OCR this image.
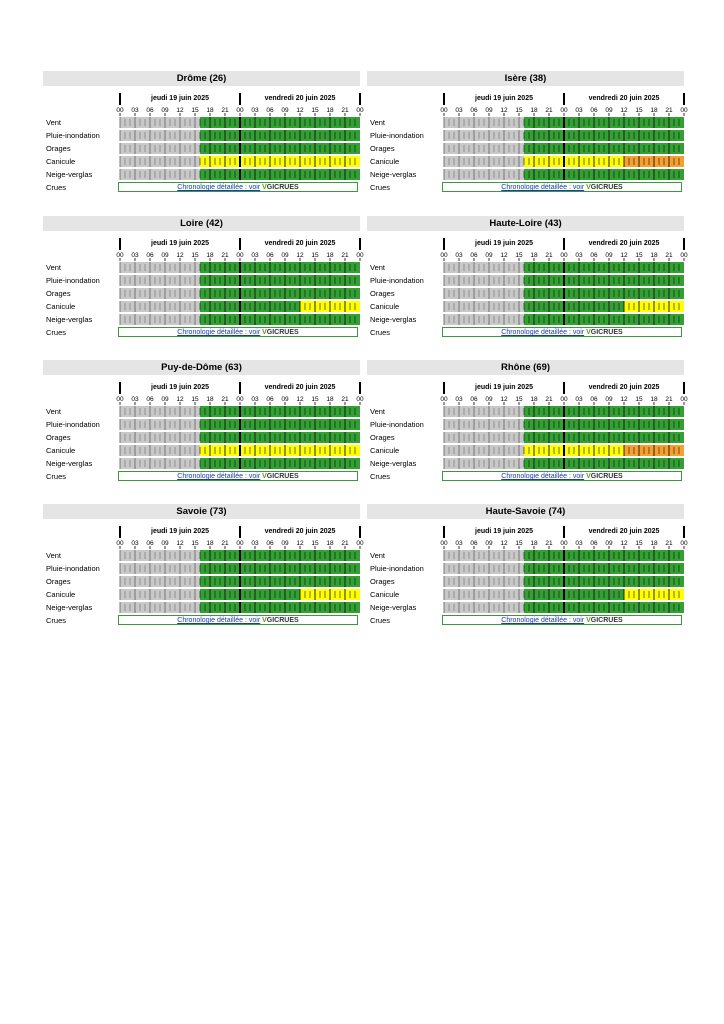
Drôme (26)
Vent
Pluie-inondation
Orages
Canicule
Neige-verglas
jeudi 19 juin 2025	vendredi 20 juin 2025
00 03 06 09 12 15 18 21 00 03 06 09 12 15 18 21 00
Crues	Chronologie détaillée : voir VGICRUES
Isère (38)
Vent
Pluie-inondation
Orages
Canicule
Neige-verglas
jeudi 19 juin 2025	vendredi 20 juin 2025
00 03 06 09 12 15 18 21 00 03 06 09 12 15 18 21 00
Crues	Chronologie détaillée : voir VGICRUES
Loire (42)
Vent
Pluie-inondation
Orages
Canicule
Neige-verglas
jeudi 19 juin 2025	vendredi 20 juin 2025
00 03 06 09 12 15 18 21 00 03 06 09 12 15 18 21 00
Crues	Chronologie détaillée : voir VGICRUES
Haute-Loire (43)
Vent
Pluie-inondation
Orages
Canicule
Neige-verglas
jeudi 19 juin 2025	vendredi 20 juin 2025
00 03 06 09 12 15 18 21 00 03 06 09 12 15 18 21 00
Crues	Chronologie détaillée : voir VGICRUES
Puy-de-Dôme (63)
Vent
Pluie-inondation
Orages
Canicule
Neige-verglas
jeudi 19 juin 2025	vendredi 20 juin 2025
00 03 06 09 12 15 18 21 00 03 06 09 12 15 18 21 00
Crues	Chronologie détaillée : voir VGICRUES
Rhône (69)
Vent
Pluie-inondation
Orages
Canicule
Neige-verglas
jeudi 19 juin 2025	vendredi 20 juin 2025
00 03 06 09 12 15 18 21 00 03 06 09 12 15 18 21 00
Crues	Chronologie détaillée : voir VGICRUES
Savoie (73)
Vent
Pluie-inondation
Orages
Canicule
Neige-verglas
jeudi 19 juin 2025	vendredi 20 juin 2025
00 03 06 09 12 15 18 21 00 03 06 09 12 15 18 21 00
Crues	Chronologie détaillée : voir VGICRUES
Haute-Savoie (74)
Vent
Pluie-inondation
Orages
Canicule
Neige-verglas
jeudi 19 juin 2025	vendredi 20 juin 2025
00 03 06 09 12 15 18 21 00 03 06 09 12 15 18 21 00
Crues	Chronologie détaillée : voir VGICRUES
